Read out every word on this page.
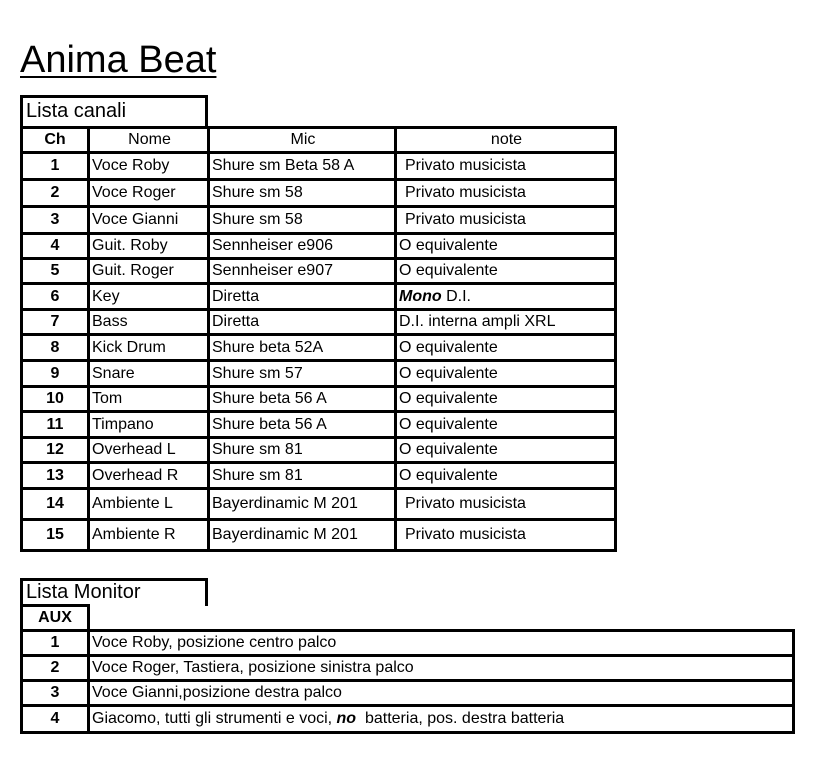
Anima Beat
Lista canali
Ch	Nome	Mic	note
1	Voce Roby	Shure sm Beta 58 A	Privato musicista
2	Voce Roger	Shure sm 58	Privato musicista
3	Voce Gianni	Shure sm 58	Privato musicista
4	Guit. Roby	Sennheiser e906	O equivalente
5	Guit. Roger	Sennheiser e907	O equivalente
6	Key	Diretta	Mono D.I.
7	Bass	Diretta	D.I. interna ampli XRL
8	Kick Drum	Shure beta 52A	O equivalente
9	Snare	Shure sm 57	O equivalente
10	Tom	Shure beta 56 A	O equivalente
11	Timpano	Shure beta 56 A	O equivalente
12	Overhead L	Shure sm 81	O equivalente
13	Overhead R	Shure sm 81	O equivalente
14	Ambiente L	Bayerdinamic M 201	Privato musicista
15	Ambiente R	Bayerdinamic M 201	Privato musicista
Lista Monitor
AUX	
1	Voce Roby, posizione centro palco
2	Voce Roger, Tastiera, posizione sinistra palco
3	Voce Gianni,posizione destra palco
4	Giacomo, tutti gli strumenti e voci, no  batteria, pos. destra batteria
